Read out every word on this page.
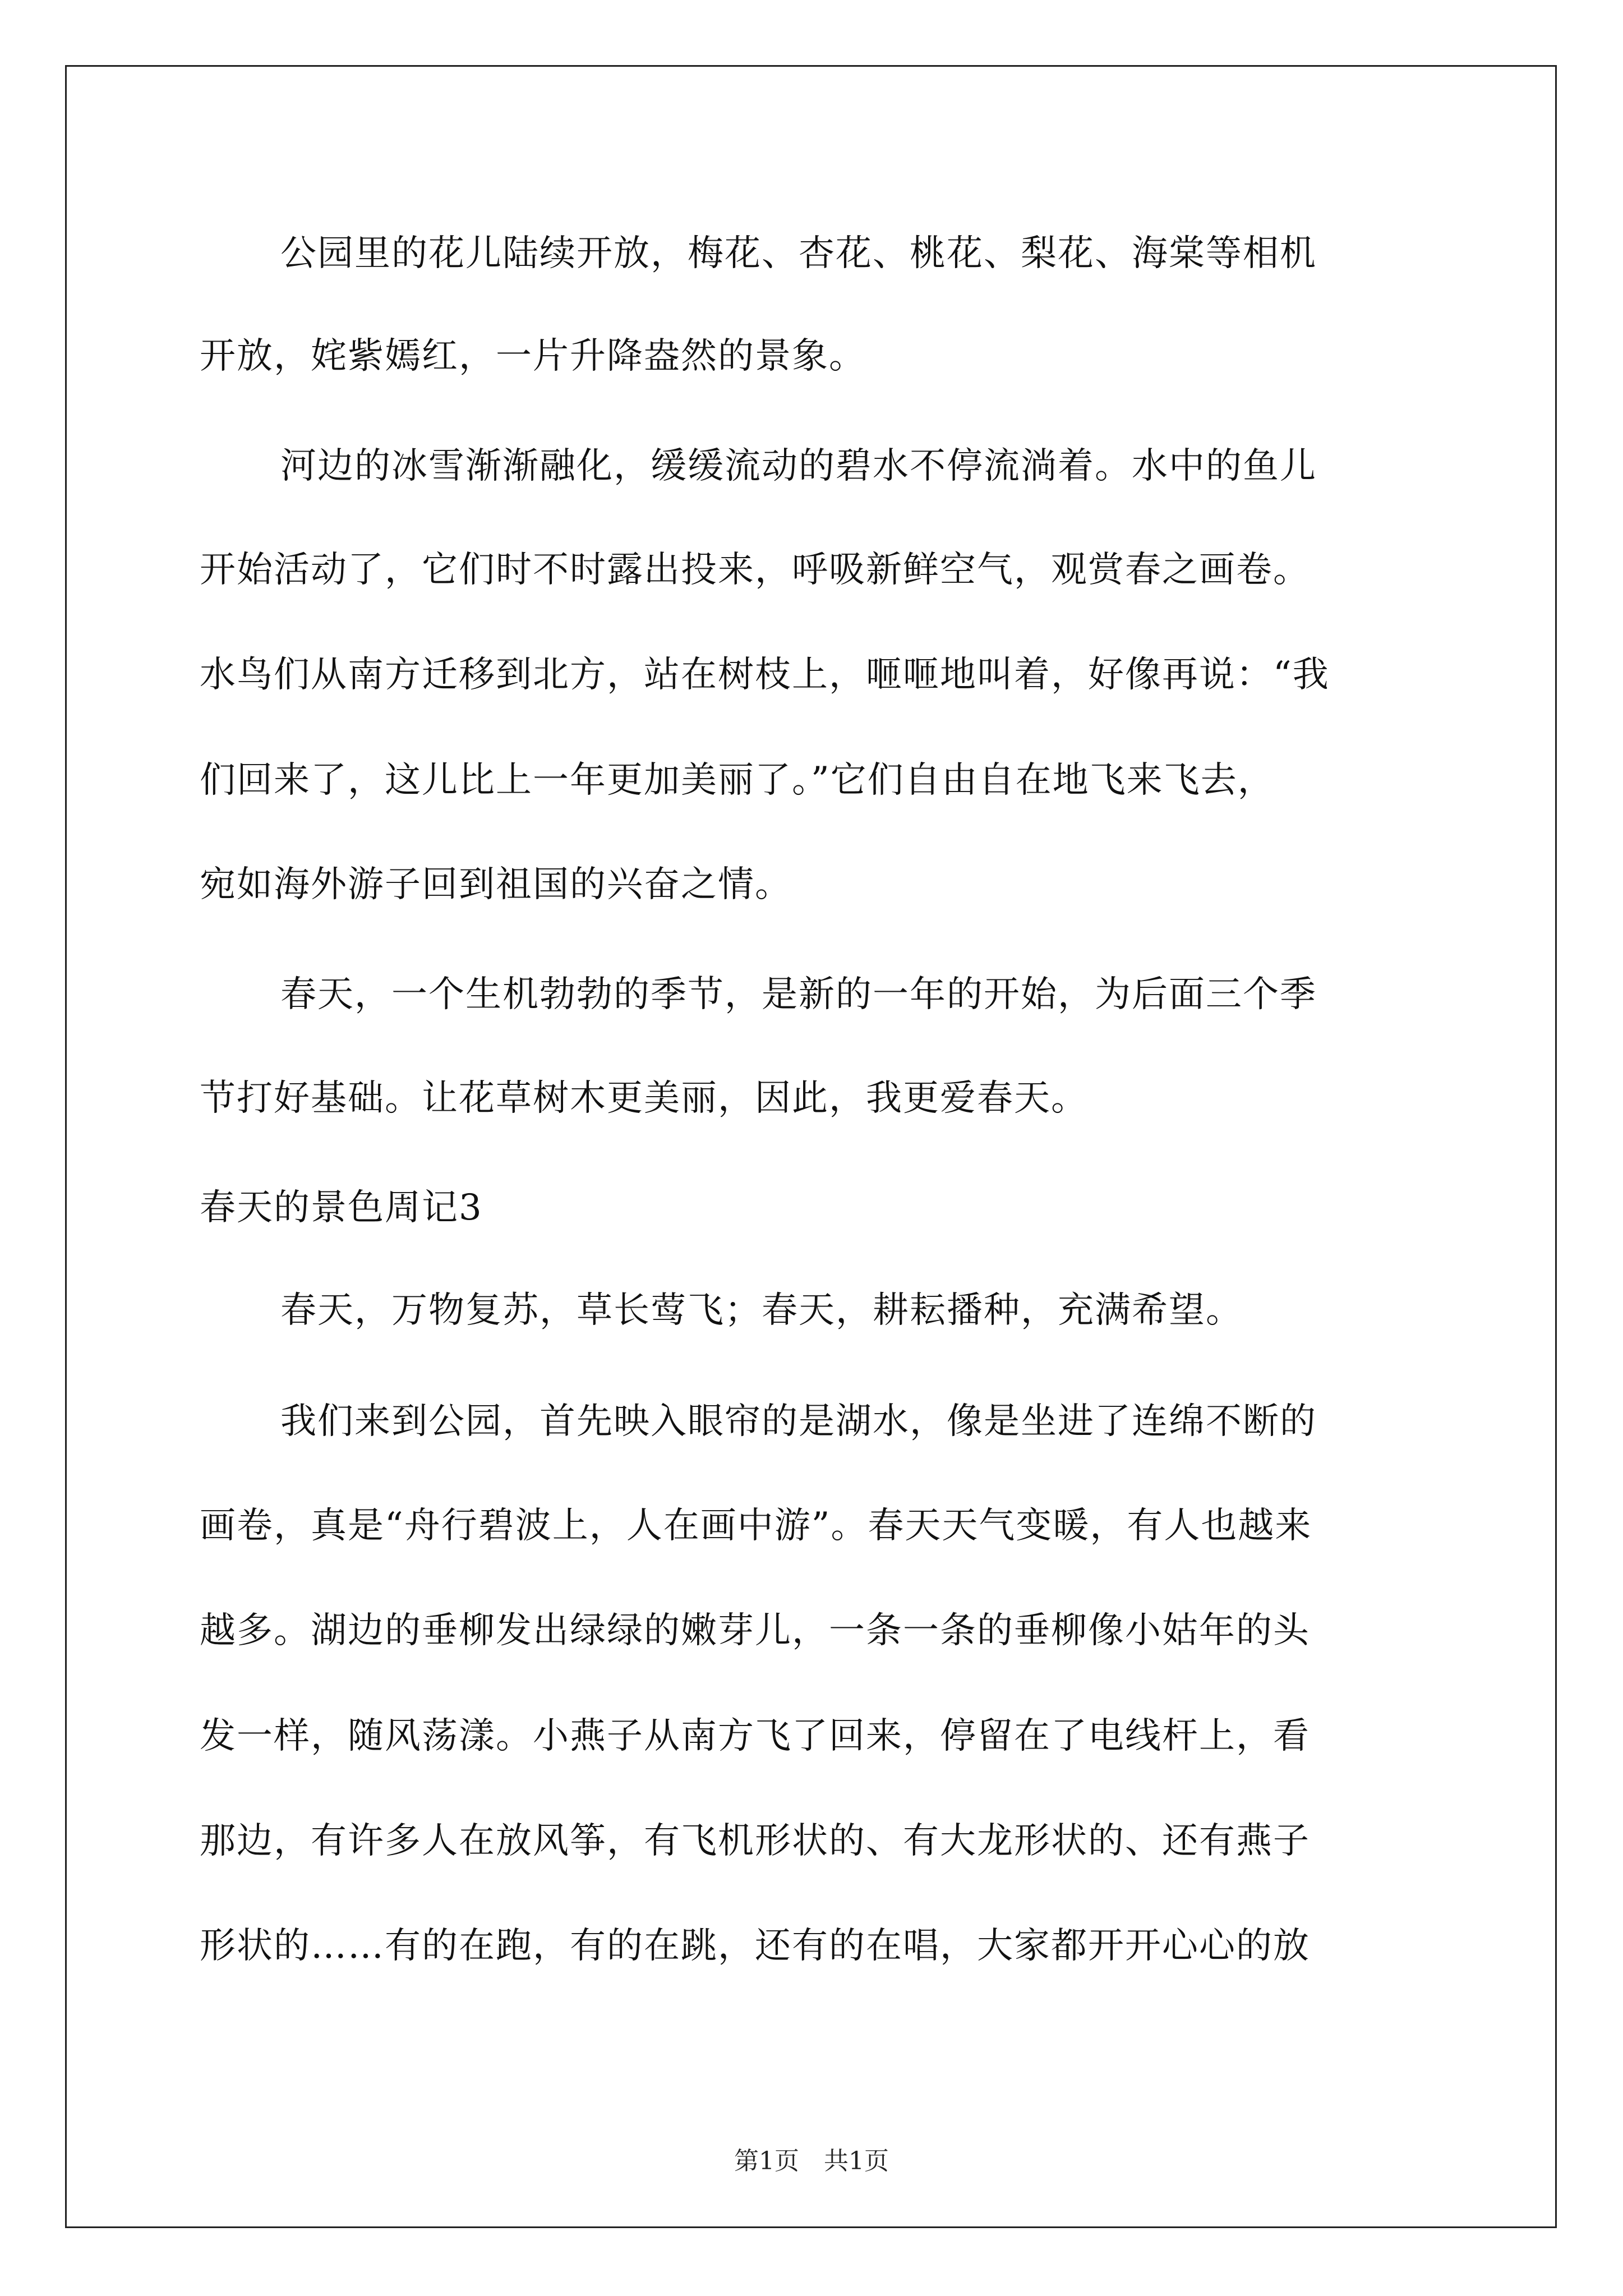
公园里的花儿陆续开放，梅花、杏花、桃花、梨花、海棠等相机
开放，姹紫嫣红，一片升降盎然的景象。
河边的冰雪渐渐融化，缓缓流动的碧水不停流淌着。水中的鱼儿
开始活动了，它们时不时露出投来，呼吸新鲜空气，观赏春之画卷。
水鸟们从南方迁移到北方，站在树枝上，咂咂地叫着，好像再说：“我
们回来了，这儿比上一年更加美丽了。”它们自由自在地飞来飞去，
宛如海外游子回到祖国的兴奋之情。
春天，一个生机勃勃的季节，是新的一年的开始，为后面三个季
节打好基础。让花草树木更美丽，因此，我更爱春天。
春天的景色周记3
春天，万物复苏，草长莺飞；春天，耕耘播种，充满希望。
我们来到公园，首先映入眼帘的是湖水，像是坐进了连绵不断的
画卷，真是“舟行碧波上，人在画中游”。春天天气变暖，有人也越来
越多。湖边的垂柳发出绿绿的嫩芽儿，一条一条的垂柳像小姑年的头
发一样，随风荡漾。小燕子从南方飞了回来，停留在了电线杆上，看
那边，有许多人在放风筝，有飞机形状的、有大龙形状的、还有燕子
形状的……有的在跑，有的在跳，还有的在唱，大家都开开心心的放
第1页　共1页
